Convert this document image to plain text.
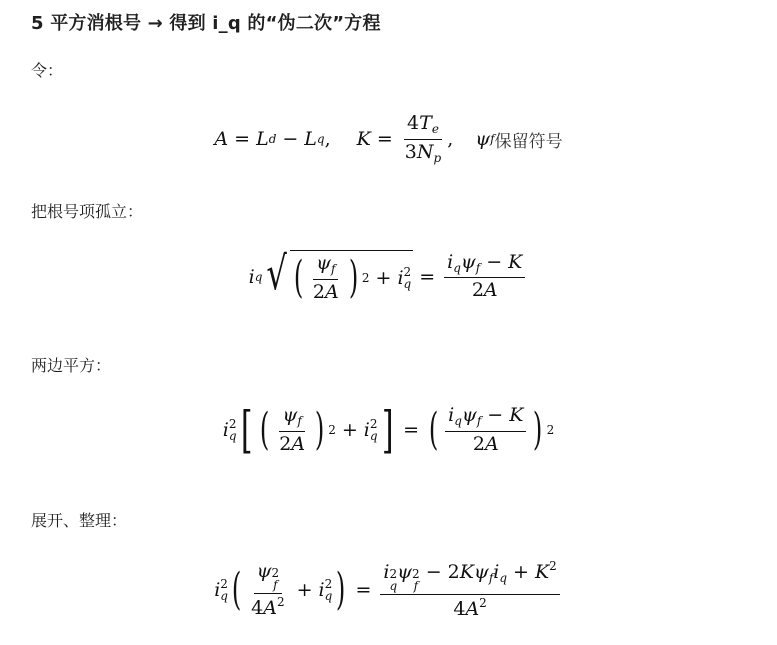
5 平方消根号 → 得到 i_q 的“伪二次”方程

令：

A = L d − L q , $K = \frac{4T_e}{3N_p}$ , ψ f 保留符号

把根号项孤立：

i q √ ( $\frac{\psi_f}{2A}$ ) 2 + i 2
$q = \frac{i_q\psi_f - K}{2A}$

两边平方：

i 2
q [ ( $\frac{\psi_f}{2A}$ ) 2 + i 2
q ] = ( $\frac{i_q\psi_f - K}{2A}$ ) 2

展开、整理：

i 2
q ( ψ 2
f
$4A^2 + i$ 2
q ) = i 2
q
ψ 2
f
− $2K\psi_fi_q + K^2$
$4A^2$
